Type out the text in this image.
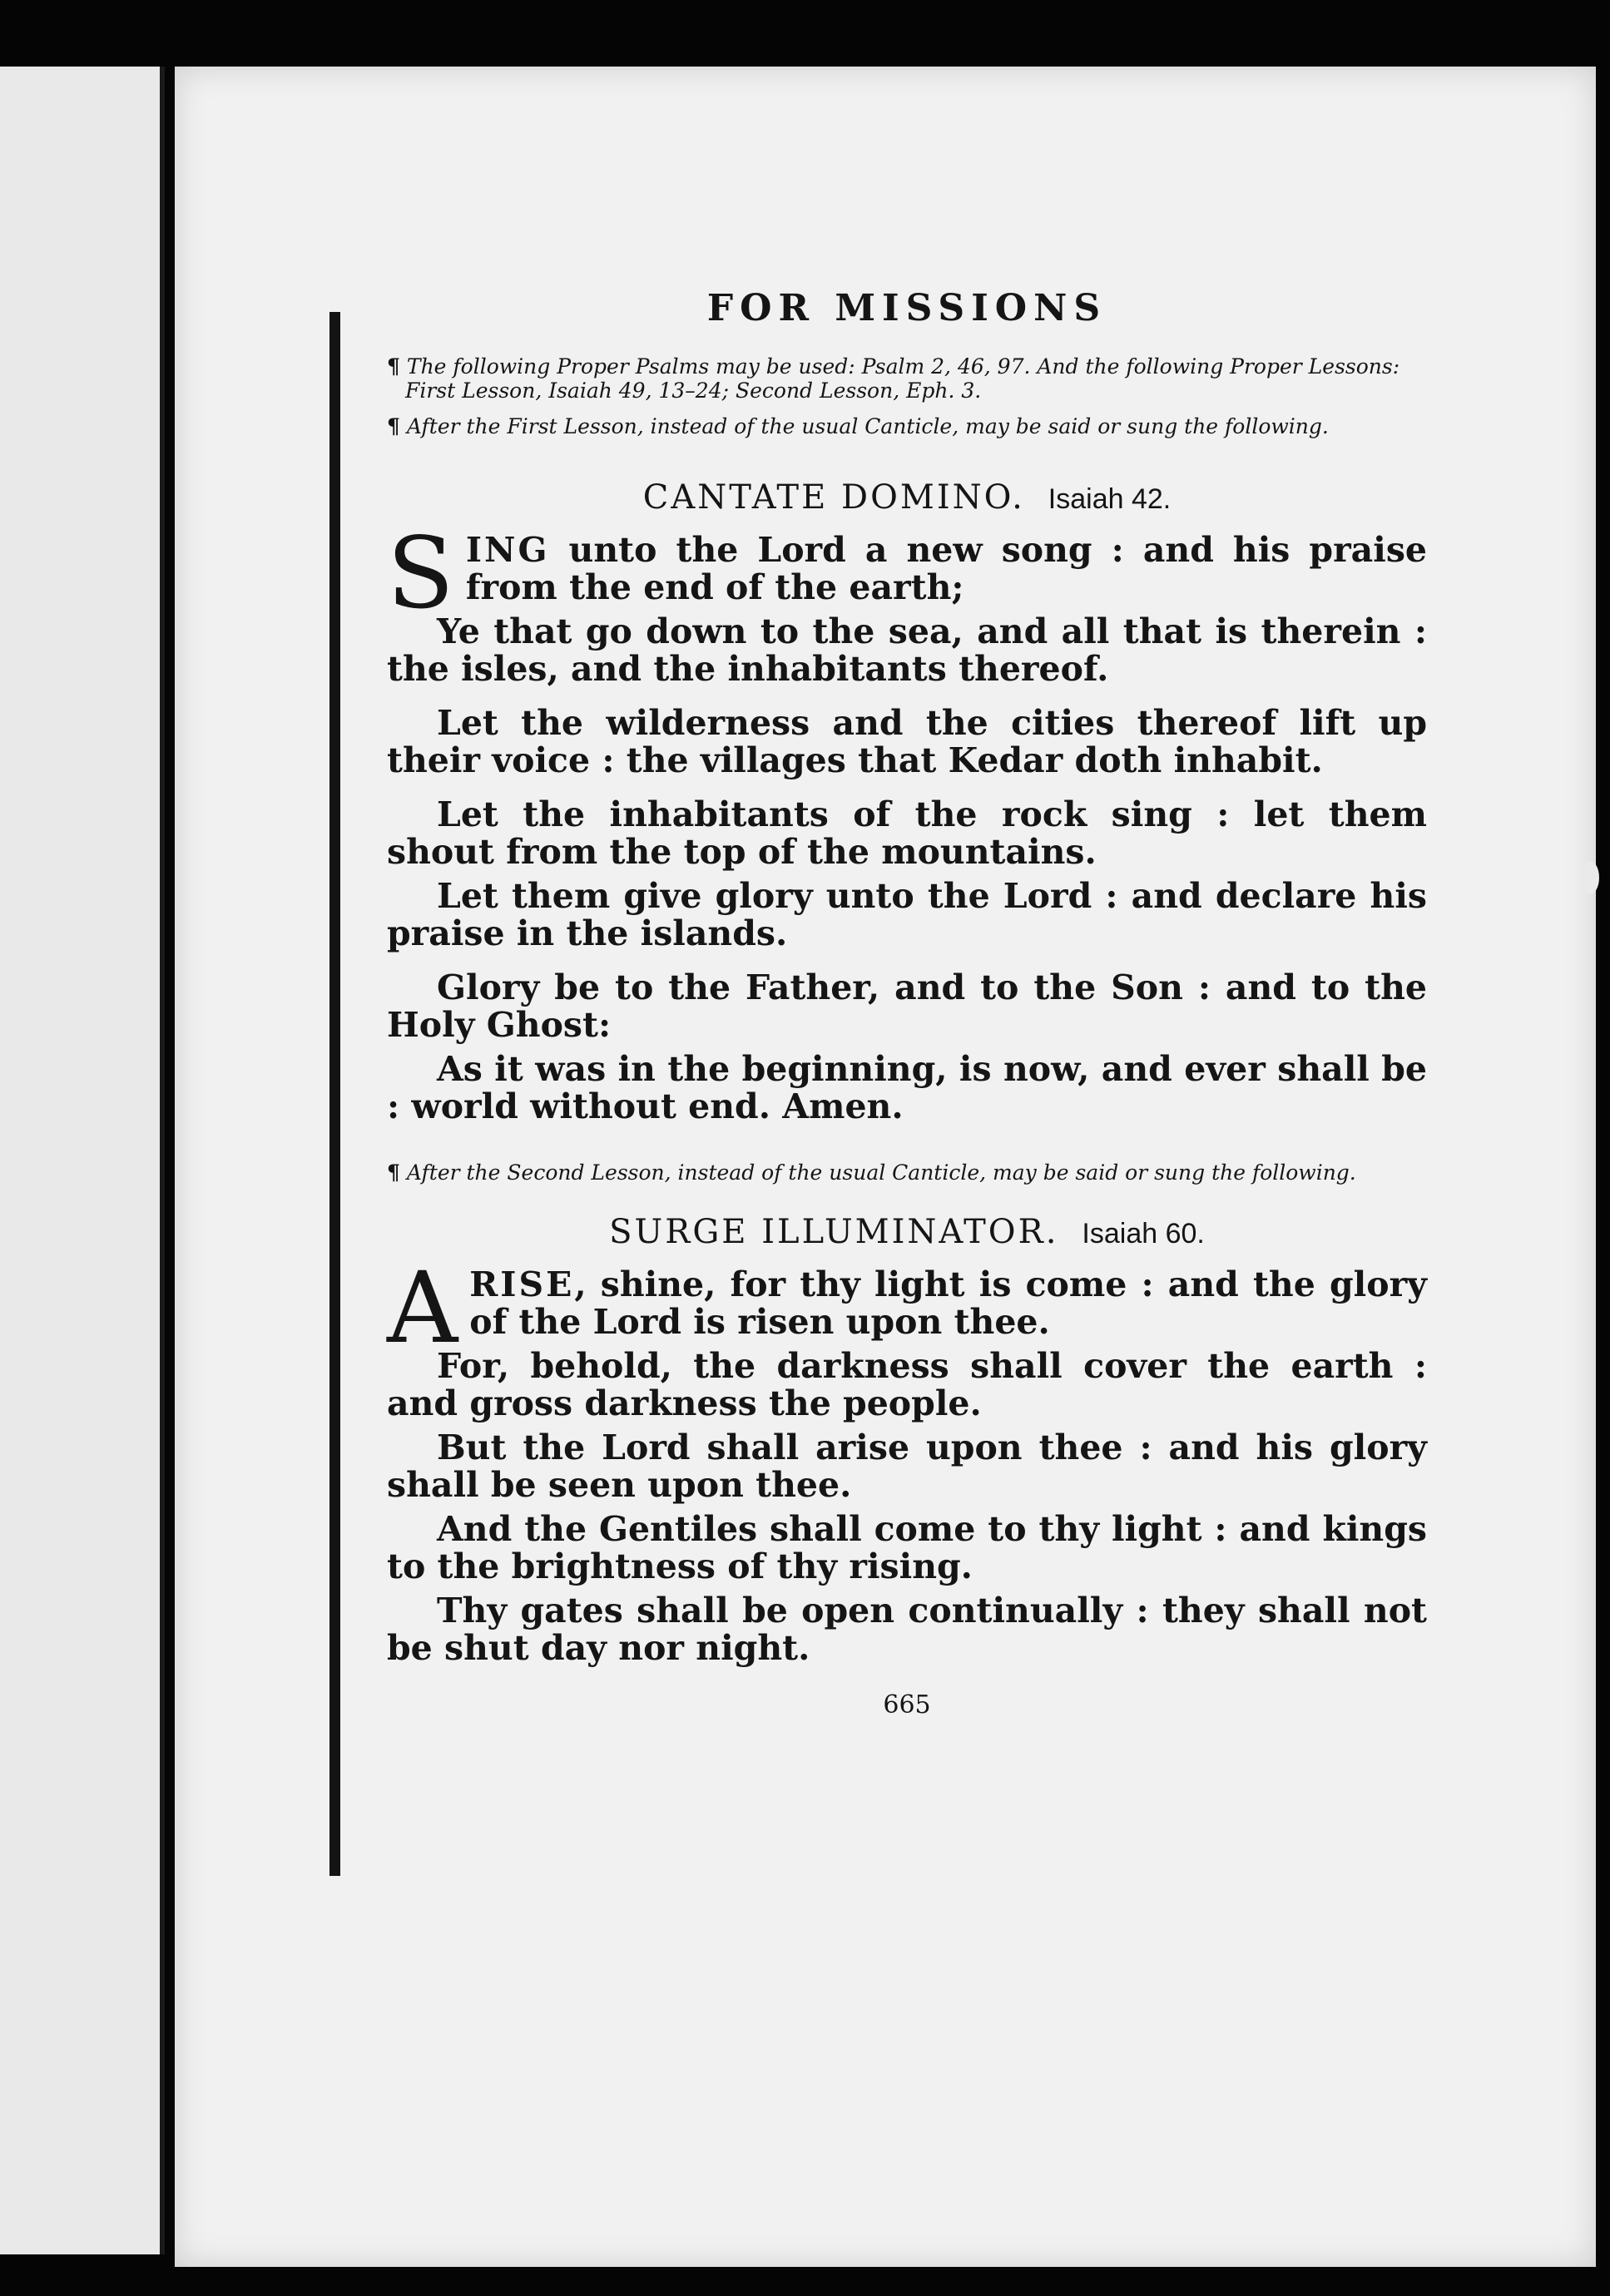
FOR MISSIONS

¶ The following Proper Psalms may be used: Psalm 2, 46, 97. And the following Proper Lessons: First Lesson, Isaiah 49, 13–24; Second Lesson, Eph. 3.

¶ After the First Lesson, instead of the usual Canticle, may be said or sung the following.

CANTATE DOMINO. Isaiah 42.

SING unto the Lord a new song : and his praise from the end of the earth;

Ye that go down to the sea, and all that is therein : the isles, and the inhabitants thereof.

Let the wilderness and the cities thereof lift up their voice : the villages that Kedar doth inhabit.

Let the inhabitants of the rock sing : let them shout from the top of the mountains.

Let them give glory unto the Lord : and declare his praise in the islands.

Glory be to the Father, and to the Son : and to the Holy Ghost:

As it was in the beginning, is now, and ever shall be : world without end. Amen.

¶ After the Second Lesson, instead of the usual Canticle, may be said or sung the following.

SURGE ILLUMINATOR. Isaiah 60.

ARISE, shine, for thy light is come : and the glory of the Lord is risen upon thee.

For, behold, the darkness shall cover the earth : and gross darkness the people.

But the Lord shall arise upon thee : and his glory shall be seen upon thee.

And the Gentiles shall come to thy light : and kings to the brightness of thy rising.

Thy gates shall be open continually : they shall not be shut day nor night.

665
